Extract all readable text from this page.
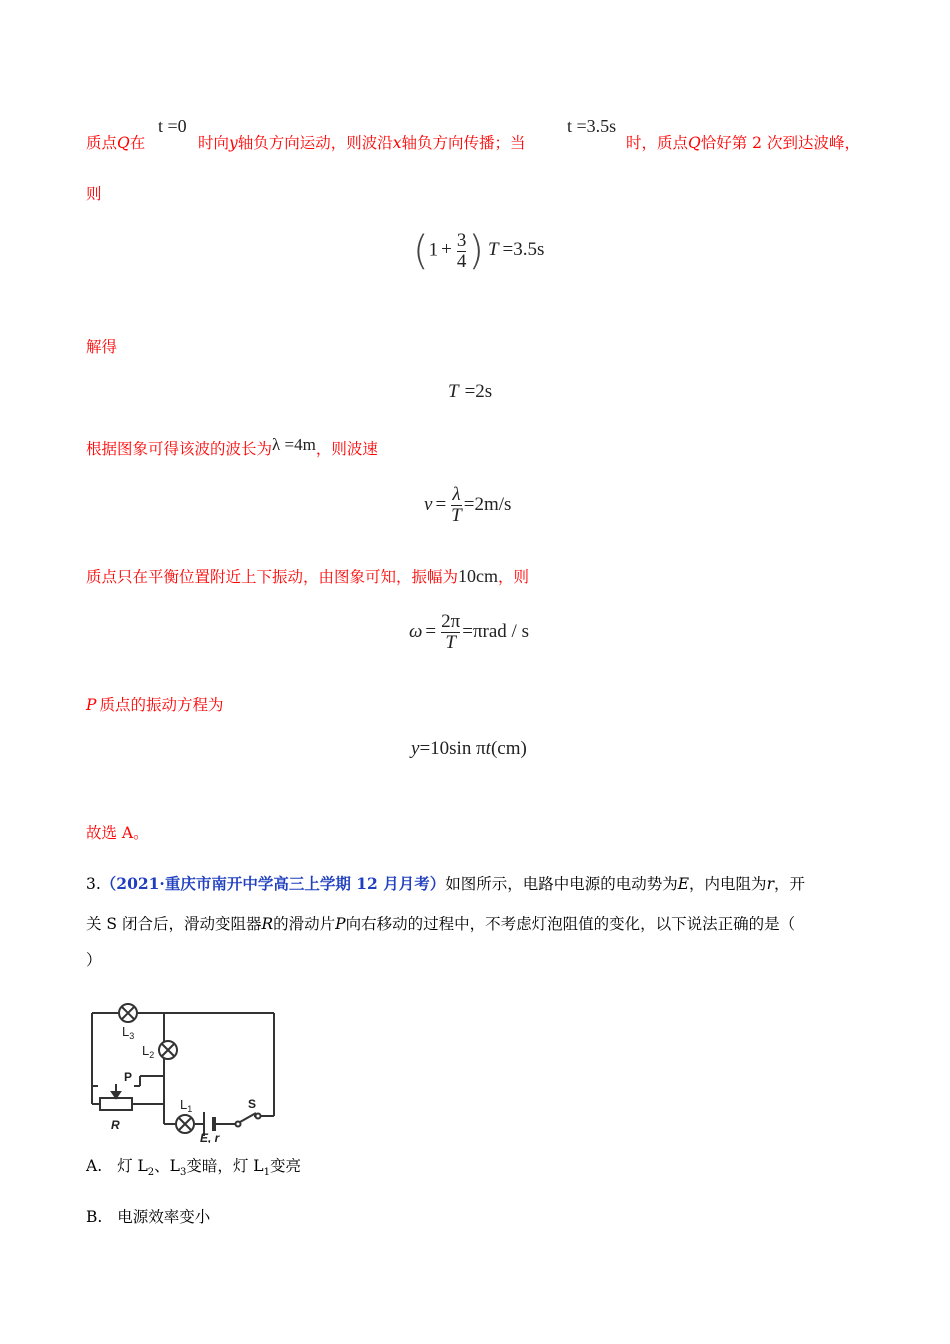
质点Q在
t =0
时向y轴负方向运动，则波沿x轴负方向传播；当
t =3.5s
时，质点Q恰好第 2 次到达波峰，
则
($1 + \frac{3}{4}$ ) T =3.5s
解得
T =2s
根据图象可得该波的波长为λ =4m，则波速
$v = \frac{\lambda}{T} =2m/s$
质点只在平衡位置附近上下振动，由图象可知，振幅为10cm，则
$\omega = \frac{2\pi}{T} =\pi rad / s$
P 质点的振动方程为
y=10sin πt(cm)
故选 A。
3.（2021·重庆市南开中学高三上学期 12 月月考）如图所示，电路中电源的电动势为E，内电阻为r，开
关 S 闭合后，滑动变阻器R的滑动片P向右移动的过程中，不考虑灯泡阻值的变化，以下说法正确的是（
）
$L_3$
$L_2$
$L_1$
P
R
S
E, r
A. 灯 $L_2$、$L_3$变暗，灯 $L_1$变亮
B. 电源效率变小
